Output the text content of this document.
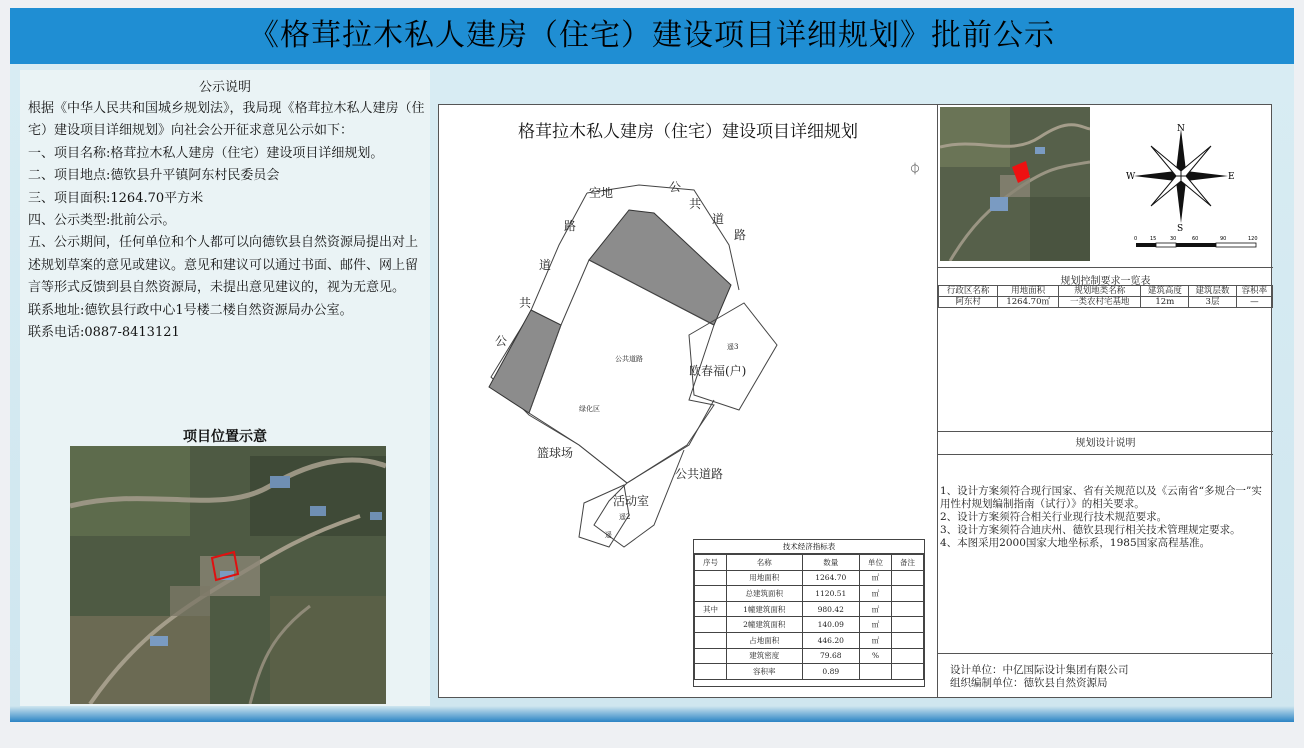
《格茸拉木私人建房（住宅）建设项目详细规划》批前公示
公示说明

根据《中华人民共和国城乡规划法》，我局现《格茸拉木私人建房（住宅）建设项目详细规划》向社会公开征求意见公示如下：

一、项目名称:格茸拉木私人建房（住宅）建设项目详细规划。

二、项目地点:德钦县升平镇阿东村民委员会

三、项目面积:1264.70平方米

四、公示类型:批前公示。

五、公示期间，任何单位和个人都可以向德钦县自然资源局提出对上述规划草案的意见或建议。意见和建议可以通过书面、邮件、网上留言等形式反馈到县自然资源局，未提出意见建议的，视为无意见。

联系地址:德钦县行政中心1号楼二楼自然资源局办公室。

联系电话:0887-8413121

项目位置示意
格茸拉木私人建房（住宅）建设项目详细规划
⏀
空地	公
共
道
路
路
道
共
公
公共道路
绿化区
遥3
欧春福(户)
篮球场
公共道路
活动室
遥2
遥
技术经济指标表
序号	名称	数量	单位	备注
	用地面积	1264.70	㎡	
	总建筑面积	1120.51	㎡	
其中	1幢建筑面积	980.42	㎡	
	2幢建筑面积	140.09	㎡	
	占地面积	446.20	㎡	
	建筑密度	79.68	%	
	容积率	0.89		
N
S
W	E
0	15	30	60	90	120
规划控制要求一览表
行政区名称	用地面积	规划地类名称	建筑高度	建筑层数	容积率
阿东村	1264.70㎡	一类农村宅基地	12m	3层	—
规划设计说明

1、设计方案须符合现行国家、省有关规范以及《云南省“多规合一”实用性村规划编制指南（试行）》的相关要求。

2、设计方案须符合相关行业现行技术规范要求。

3、设计方案须符合迪庆州、德钦县现行相关技术管理规定要求。

4、本图采用2000国家大地坐标系，1985国家高程基准。

设计单位：中亿国际设计集团有限公司
组织编制单位：德钦县自然资源局
